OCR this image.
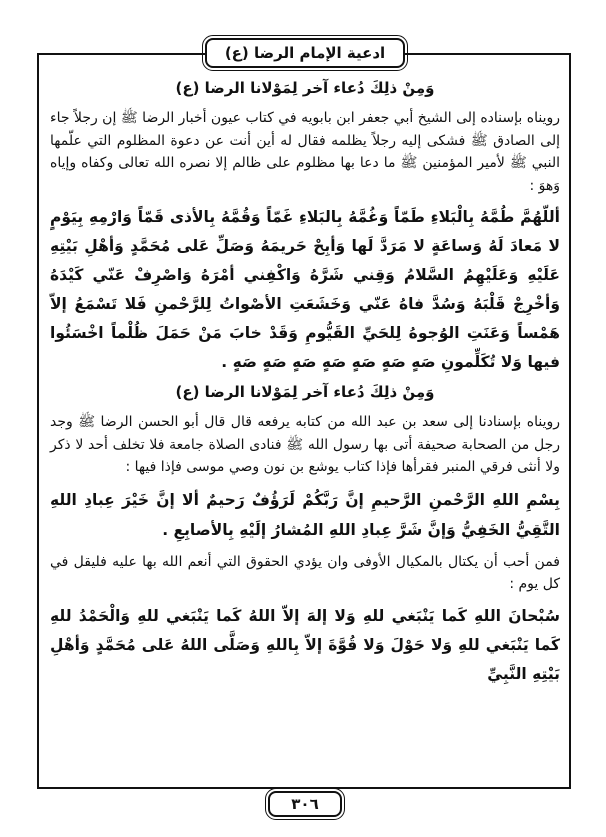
ادعية الإمام الرضا (ع)
وَمِنْ ذلِكَ دُعاء آخر لِمَوْلانا الرضا (ع)

رويناه بإسناده إلى الشيخ أبي جعفر ابن بابويه في كتاب عيون أخبار الرضا ﷺ إن رجلاً جاء إلى الصادق ﷺ فشكى إليه رجلاً يظلمه فقال له أين أنت عن دعوة المظلوم التي علّمها النبي ﷺ لأمير المؤمنين ﷺ ما دعا بها مظلوم على ظالم إلا نصره الله تعالى وكفاه وإياه وَهوَ :

أللّهُمَّ طُمَّهُ بِالْبَلاءِ طَمّاً وَغُمَّهُ بِالبَلاءِ غَمّاً وَقُمَّهُ بِالأذى قَمّاً وَارْمِهِ بِيَوْمٍ لا مَعادَ لَهُ وَساعَةٍ لا مَرَدَّ لَها وَأبِحْ حَريمَهُ وَصَلِّ عَلى مُحَمَّدٍ وَأهْلِ بَيْتِهِ عَلَيْهِ وَعَلَيْهِمُ السَّلامُ وَقِني شَرَّهُ وَاكْفِني أمْرَهُ وَاصْرِفْ عَنّي كَيْدَهُ وَأخْرِجْ قَلْبَهُ وَسُدَّ فاهُ عَنّي وَخَشَعَتِ الأصْواتُ لِلرَّحْمنِ فَلا تَسْمَعُ إلاّ هَمْساً وَعَنَتِ الوُجوهُ لِلحَيِّ القَيُّومِ وَقَدْ خابَ مَنْ حَمَلَ ظُلْماً اخْسَئُوا فيها وَلا تُكَلِّمونِ صَهٍ صَهٍ صَهٍ صَهٍ صَهٍ صَهٍ صَهٍ .

وَمِنْ ذلِكَ دُعاء آخر لِمَوْلانا الرضا (ع)

رويناه بإسنادنا إلى سعد بن عبد الله من كتابه يرفعه قال قال أبو الحسن الرضا ﷺ وجد رجل من الصحابة صحيفة أتى بها رسول الله ﷺ فنادى الصلاة جامعة فلا تخلف أحد لا ذكر ولا أنثى فرقي المنبر فقرأها فإذا كتاب يوشع بن نون وصي موسى فإذا فيها :

بِسْمِ اللهِ الرَّحْمنِ الرَّحيمِ إنَّ رَبَّكُمْ لَرَؤُفٌ رَحيمٌ ألا إنَّ خَيْرَ عِبادِ اللهِ التَّقِيُّ الخَفِيُّ وَإنَّ شَرَّ عِبادِ اللهِ المُشارُ إلَيْهِ بِالأصابِعِ .

فمن أحب أن يكتال بالمكيال الأوفى وان يؤدي الحقوق التي أنعم الله بها عليه فليقل في كل يوم :

سُبْحانَ اللهِ كَما يَنْبَغي للهِ وَلا إلهَ إلاّ اللهُ كَما يَنْبَغي للهِ وَالْحَمْدُ للهِ كَما يَنْبَغي للهِ وَلا حَوْلَ وَلا قُوَّةَ إلاّ بِاللهِ وَصَلَّى اللهُ عَلى مُحَمَّدٍ وَأهْلِ بَيْتِهِ النَّبِيِّ

٣٠٦
